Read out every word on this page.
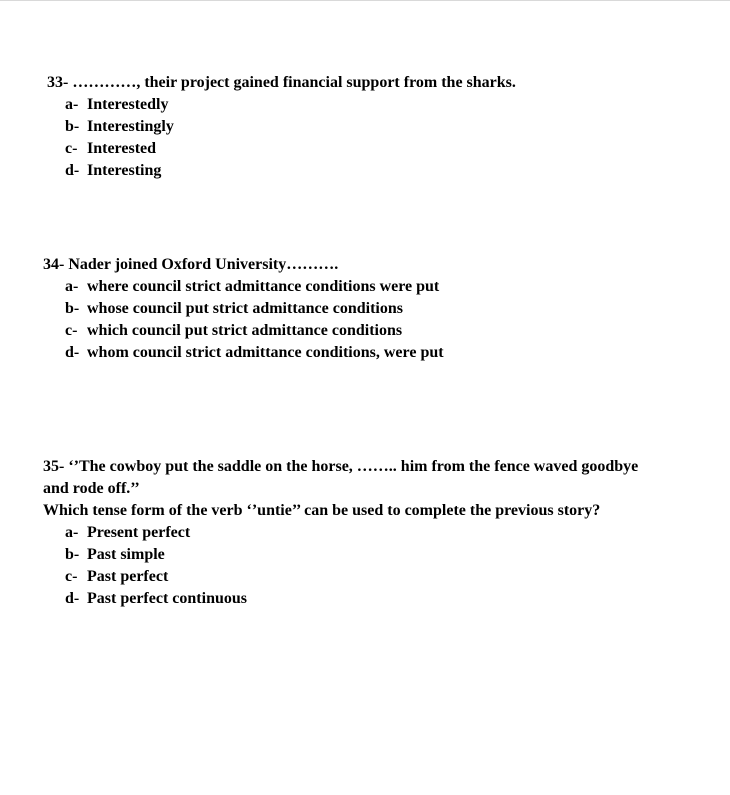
33- …………, their project gained financial support from the sharks.
a- Interestedly
b- Interestingly
c- Interested
d- Interesting
34- Nader joined Oxford University……….
a- where council strict admittance conditions were put
b- whose council put strict admittance conditions
c- which council put strict admittance conditions
d- whom council strict admittance conditions, were put
35- ‘’The cowboy put the saddle on the horse, …….. him from the fence waved goodbye
and rode off.’’
Which tense form of the verb ‘’untie’’ can be used to complete the previous story?
a- Present perfect
b- Past simple
c- Past perfect
d- Past perfect continuous
